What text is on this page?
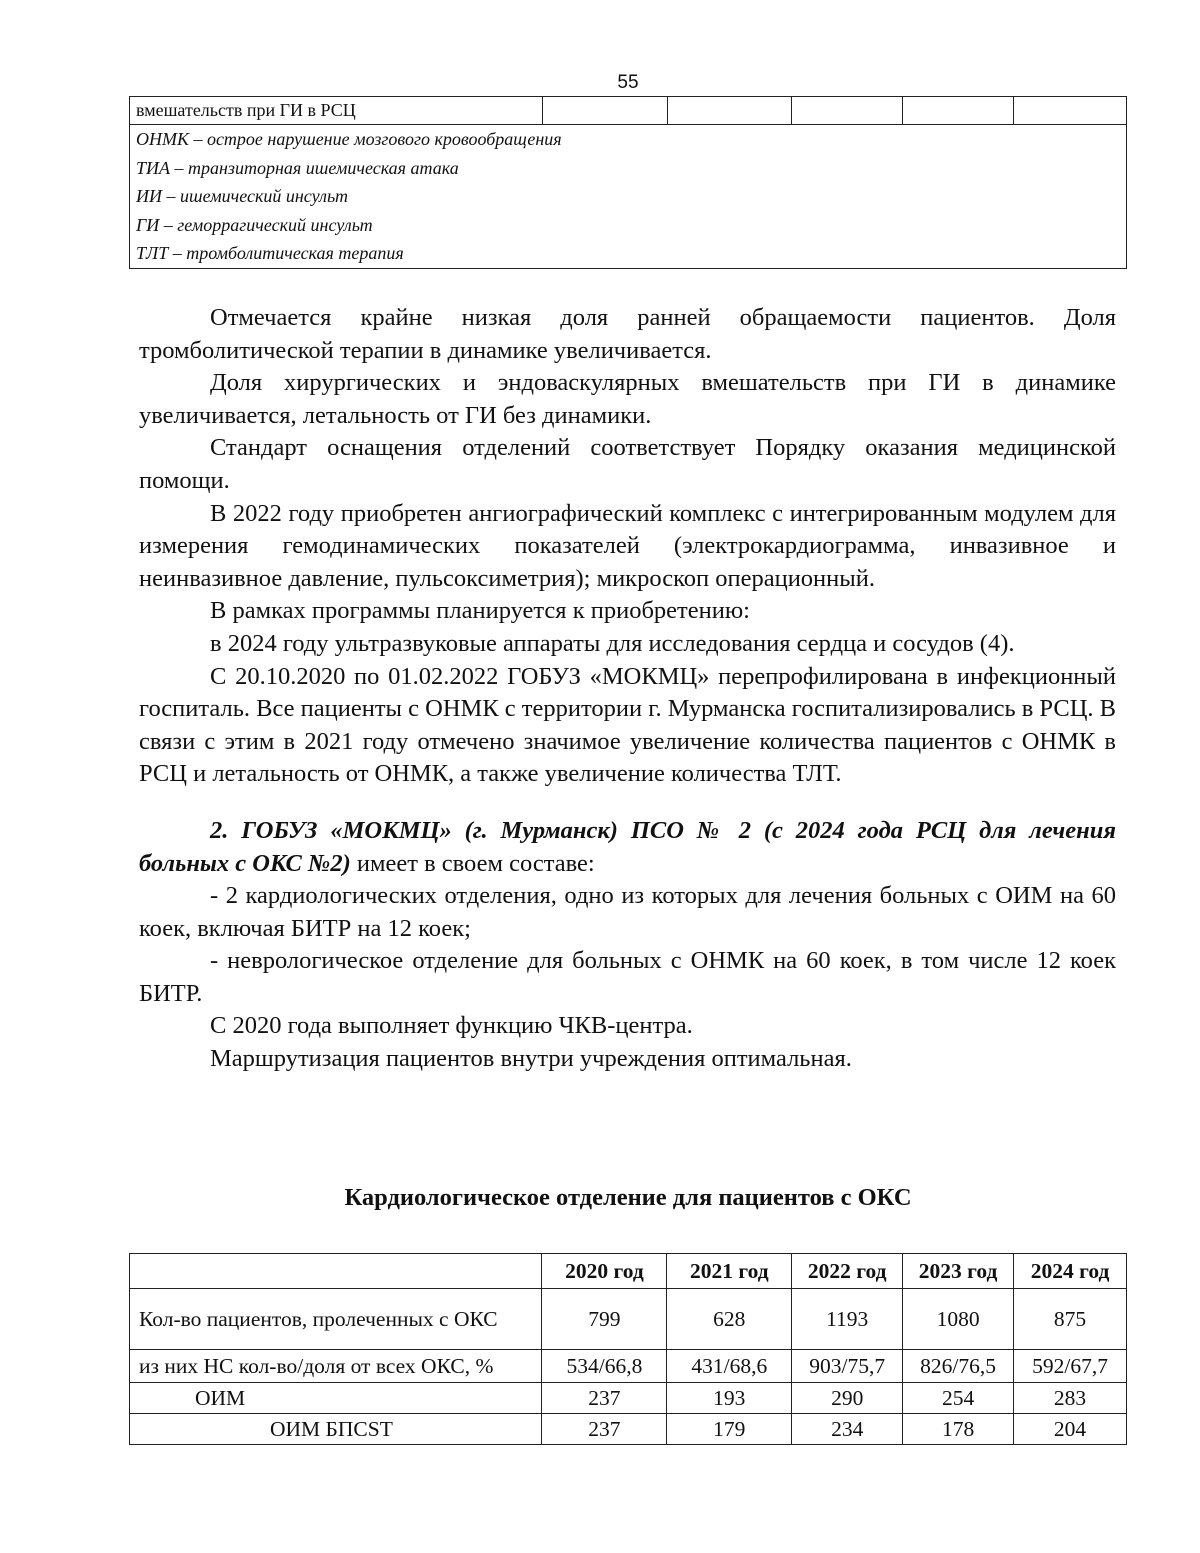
55
вмешательств при ГИ в РСЦ					

ОНМК – острое нарушение мозгового кровообращения
ТИА – транзиторная ишемическая атака
ИИ – ишемический инсульт
ГИ – геморрагический инсульт
ТЛТ – тромболитическая терапия

Отмечается крайне низкая доля ранней обращаемости пациентов. Доля тромболитической терапии в динамике увеличивается.

Доля хирургических и эндоваскулярных вмешательств при ГИ в динамике увеличивается, летальность от ГИ без динамики.

Стандарт оснащения отделений соответствует Порядку оказания медицинской помощи.

В 2022 году приобретен ангиографический комплекс с интегрированным модулем для измерения гемодинамических показателей (электрокардиограмма, инвазивное и неинвазивное давление, пульсоксиметрия); микроскоп операционный.

В рамках программы планируется к приобретению:

в 2024 году ультразвуковые аппараты для исследования сердца и сосудов (4).

С 20.10.2020 по 01.02.2022 ГОБУЗ «МОКМЦ» перепрофилирована в инфекционный госпиталь. Все пациенты с ОНМК с территории г. Мурманска госпитализировались в РСЦ. В связи с этим в 2021 году отмечено значимое увеличение количества пациентов с ОНМК в РСЦ и летальность от ОНМК, а также увеличение количества ТЛТ.

2. ГОБУЗ «МОКМЦ» (г. Мурманск) ПСО № 2 (с 2024 года РСЦ для лечения больных с ОКС №2) имеет в своем составе:

- 2 кардиологических отделения, одно из которых для лечения больных с ОИМ на 60 коек, включая БИТР на 12 коек;

- неврологическое отделение для больных с ОНМК на 60 коек, в том числе 12 коек БИТР.

С 2020 года выполняет функцию ЧКВ-центра.

Маршрутизация пациентов внутри учреждения оптимальная.

Кардиологическое отделение для пациентов с ОКС
	2020 год	2021 год	2022 год	2023 год	2024 год
Кол-во пациентов, пролеченных с ОКС	799	628	1193	1080	875
из них НС кол-во/доля от всех ОКС, %	534/66,8	431/68,6	903/75,7	826/76,5	592/67,7
ОИМ	237	193	290	254	283
ОИМ БПСST	237	179	234	178	204
